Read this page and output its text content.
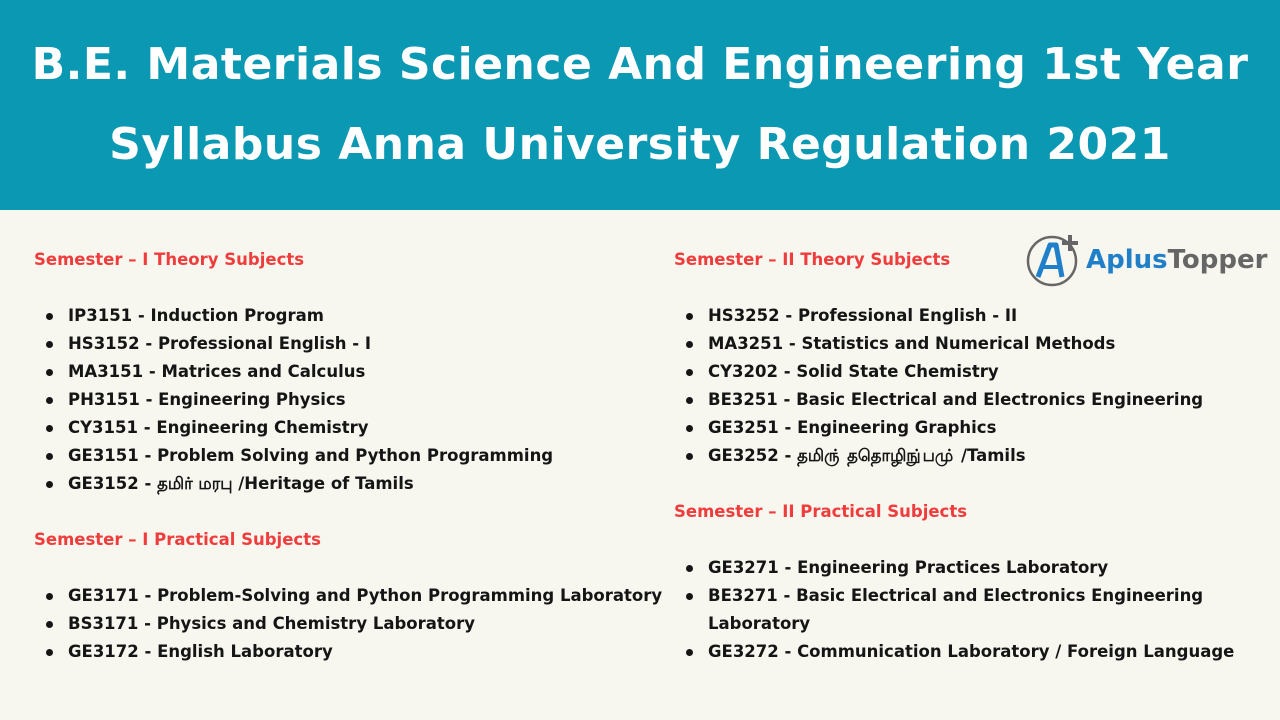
B.E. Materials Science And Engineering 1st Year
Syllabus Anna University Regulation 2021
AplusTopper
Semester – I Theory Subjects
IP3151 - Induction Program
HS3152 - Professional English - I
MA3151 - Matrices and Calculus
PH3151 - Engineering Physics
CY3151 - Engineering Chemistry
GE3151 - Problem Solving and Python Programming
GE3152 - தமிர் மரபு /Heritage of Tamils
Semester – I Practical Subjects
GE3171 - Problem-Solving and Python Programming Laboratory
BS3171 - Physics and Chemistry Laboratory
GE3172 - English Laboratory
Semester – II Theory Subjects
HS3252 - Professional English - II
MA3251 - Statistics and Numerical Methods
CY3202 - Solid State Chemistry
BE3251 - Basic Electrical and Electronics Engineering
GE3251 - Engineering Graphics
GE3252 - தமிரு் ததொழிநு்பமு் /Tamils
Semester – II Practical Subjects
GE3271 - Engineering Practices Laboratory
BE3271 - Basic Electrical and Electronics Engineering Laboratory
GE3272 - Communication Laboratory / Foreign Language
